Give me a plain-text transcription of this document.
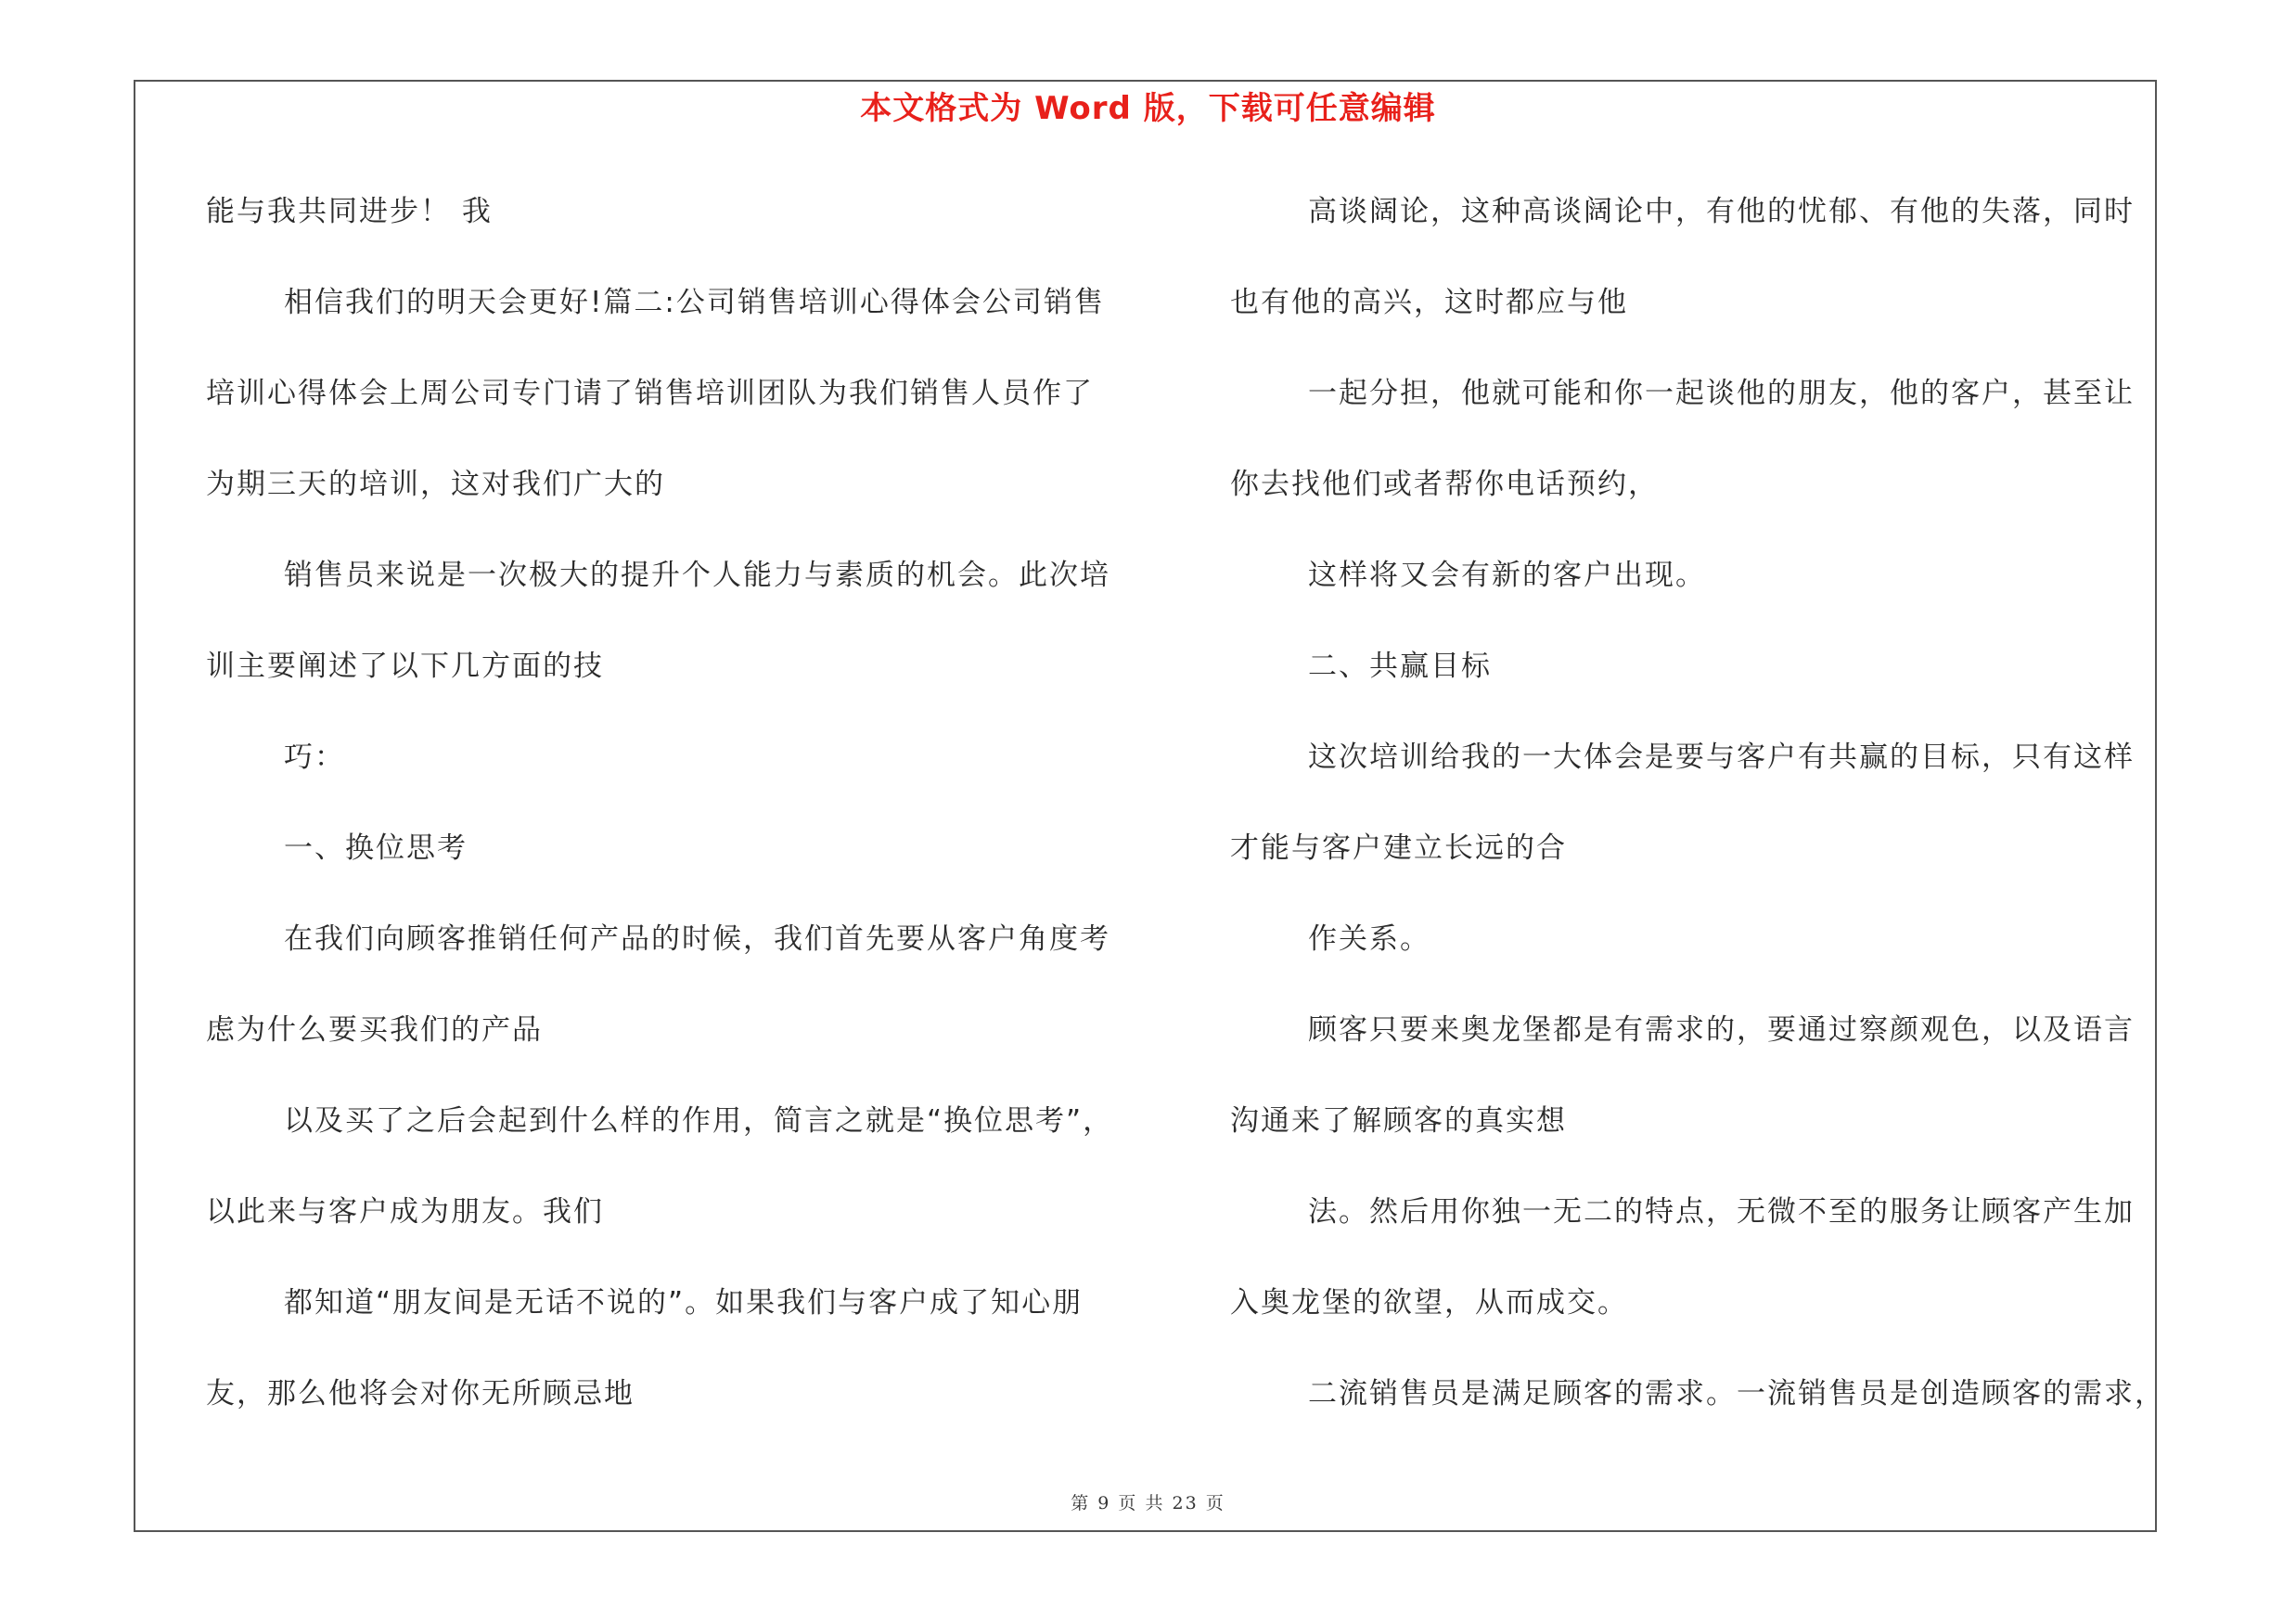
本文格式为 Word 版，下载可任意编辑
能与我共同进步！ 我
相信我们的明天会更好!篇二:公司销售培训心得体会公司销售
培训心得体会上周公司专门请了销售培训团队为我们销售人员作了
为期三天的培训，这对我们广大的
销售员来说是一次极大的提升个人能力与素质的机会。此次培
训主要阐述了以下几方面的技
巧：
一、换位思考
在我们向顾客推销任何产品的时候，我们首先要从客户角度考
虑为什么要买我们的产品
以及买了之后会起到什么样的作用，简言之就是“换位思考”，
以此来与客户成为朋友。我们
都知道“朋友间是无话不说的”。如果我们与客户成了知心朋
友，那么他将会对你无所顾忌地
高谈阔论，这种高谈阔论中，有他的忧郁、有他的失落，同时
也有他的高兴，这时都应与他
一起分担，他就可能和你一起谈他的朋友，他的客户，甚至让
你去找他们或者帮你电话预约，
这样将又会有新的客户出现。
二、共赢目标
这次培训给我的一大体会是要与客户有共赢的目标，只有这样
才能与客户建立长远的合
作关系。
顾客只要来奥龙堡都是有需求的，要通过察颜观色，以及语言
沟通来了解顾客的真实想
法。然后用你独一无二的特点，无微不至的服务让顾客产生加
入奥龙堡的欲望，从而成交。
二流销售员是满足顾客的需求。一流销售员是创造顾客的需求，
第 9 页 共 23 页
